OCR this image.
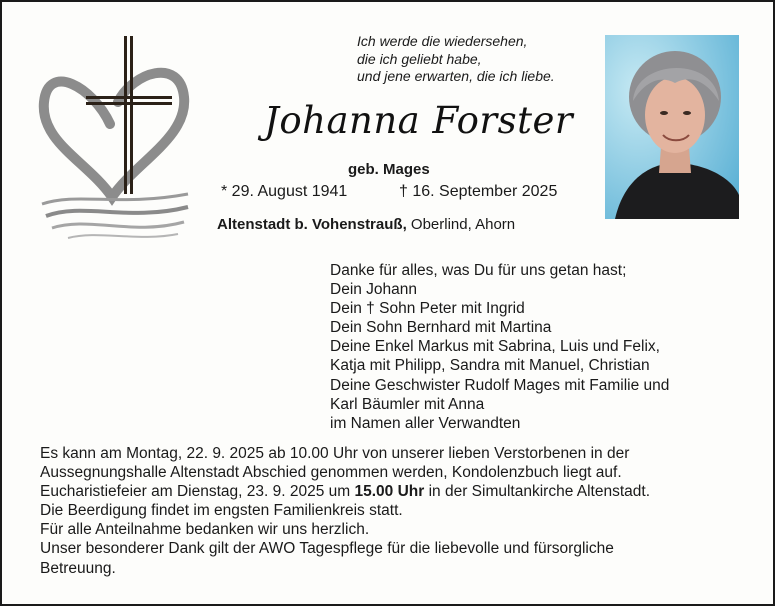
Ich werde die wiedersehen,
die ich geliebt habe,
und jene erwarten, die ich liebe.
Johanna Forster
geb. Mages
* 29. August 1941	† 16. September 2025
Altenstadt b. Vohenstrauß, Oberlind, Ahorn
Danke für alles, was Du für uns getan hast;
Dein Johann
Dein † Sohn Peter mit Ingrid
Dein Sohn Bernhard mit Martina
Deine Enkel Markus mit Sabrina, Luis und Felix,
Katja mit Philipp, Sandra mit Manuel, Christian
Deine Geschwister Rudolf Mages mit Familie und
Karl Bäumler mit Anna
im Namen aller Verwandten
Es kann am Montag, 22. 9. 2025 ab 10.00 Uhr von unserer lieben Verstorbenen in der
Aussegnungshalle Altenstadt Abschied genommen werden, Kondolenzbuch liegt auf.
Eucharistiefeier am Dienstag, 23. 9. 2025 um 15.00 Uhr in der Simultankirche Altenstadt.
Die Beerdigung findet im engsten Familienkreis statt.
Für alle Anteilnahme bedanken wir uns herzlich.
Unser besonderer Dank gilt der AWO Tagespflege für die liebevolle und fürsorgliche
Betreuung.
